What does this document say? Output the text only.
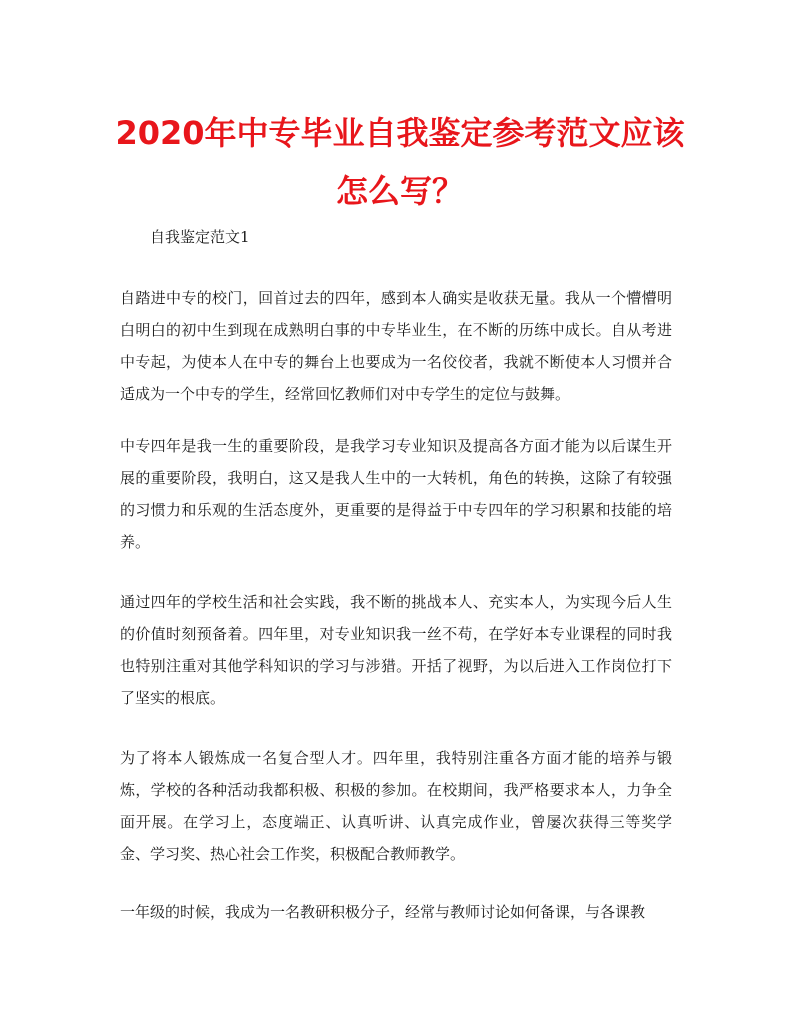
2020年中专毕业自我鉴定参考范文应该怎么写？
自我鉴定范文1

自踏进中专的校门，回首过去的四年，感到本人确实是收获无量。我从一个懵懵明白明白的初中生到现在成熟明白事的中专毕业生，在不断的历练中成长。自从考进中专起，为使本人在中专的舞台上也要成为一名佼佼者，我就不断使本人习惯并合适成为一个中专的学生，经常回忆教师们对中专学生的定位与鼓舞。

中专四年是我一生的重要阶段，是我学习专业知识及提高各方面才能为以后谋生开展的重要阶段，我明白，这又是我人生中的一大转机，角色的转换，这除了有较强的习惯力和乐观的生活态度外，更重要的是得益于中专四年的学习积累和技能的培养。

通过四年的学校生活和社会实践，我不断的挑战本人、充实本人，为实现今后人生的价值时刻预备着。四年里，对专业知识我一丝不苟，在学好本专业课程的同时我也特别注重对其他学科知识的学习与涉猎。开括了视野，为以后进入工作岗位打下了坚实的根底。

为了将本人锻炼成一名复合型人才。四年里，我特别注重各方面才能的培养与锻炼，学校的各种活动我都积极、积极的参加。在校期间，我严格要求本人，力争全面开展。在学习上，态度端正、认真听讲、认真完成作业，曾屡次获得三等奖学金、学习奖、热心社会工作奖，积极配合教师教学。

一年级的时候，我成为一名教研积极分子，经常与教师讨论如何备课，与各课教
